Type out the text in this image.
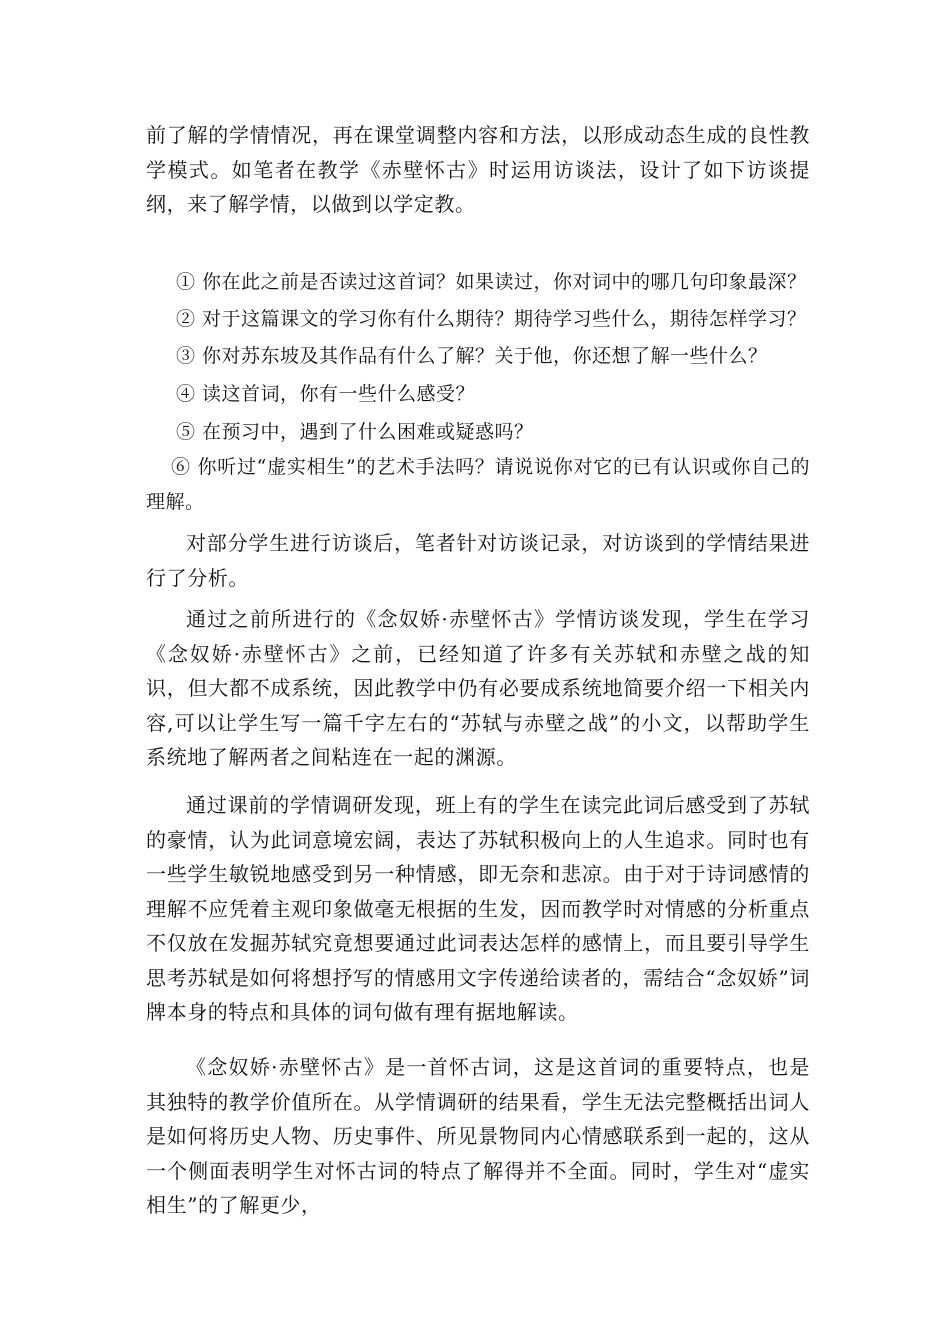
前了解的学情情况，再在课堂调整内容和方法，以形成动态生成的良性教学模式。如笔者在教学《赤壁怀古》时运用访谈法，设计了如下访谈提纲，来了解学情，以做到以学定教。

① 你在此之前是否读过这首词？如果读过，你对词中的哪几句印象最深？

② 对于这篇课文的学习你有什么期待？期待学习些什么，期待怎样学习？

③ 你对苏东坡及其作品有什么了解？关于他，你还想了解一些什么？

④ 读这首词，你有一些什么感受？

⑤ 在预习中，遇到了什么困难或疑惑吗？

⑥ 你听过“虚实相生”的艺术手法吗？请说说你对它的已有认识或你自己的理解。

对部分学生进行访谈后，笔者针对访谈记录，对访谈到的学情结果进行了分析。

通过之前所进行的《念奴娇·赤壁怀古》学情访谈发现，学生在学习《念奴娇·赤壁怀古》之前，已经知道了许多有关苏轼和赤壁之战的知识，但大都不成系统，因此教学中仍有必要成系统地简要介绍一下相关内容,可以让学生写一篇千字左右的“苏轼与赤壁之战”的小文，以帮助学生系统地了解两者之间粘连在一起的渊源。

通过课前的学情调研发现，班上有的学生在读完此词后感受到了苏轼的豪情，认为此词意境宏阔，表达了苏轼积极向上的人生追求。同时也有一些学生敏锐地感受到另一种情感，即无奈和悲凉。由于对于诗词感情的理解不应凭着主观印象做毫无根据的生发，因而教学时对情感的分析重点不仅放在发掘苏轼究竟想要通过此词表达怎样的感情上，而且要引导学生思考苏轼是如何将想抒写的情感用文字传递给读者的，需结合“念奴娇”词牌本身的特点和具体的词句做有理有据地解读。

《念奴娇·赤壁怀古》是一首怀古词，这是这首词的重要特点，也是其独特的教学价值所在。从学情调研的结果看，学生无法完整概括出词人是如何将历史人物、历史事件、所见景物同内心情感联系到一起的，这从一个侧面表明学生对怀古词的特点了解得并不全面。同时，学生对“虚实相生”的了解更少，
